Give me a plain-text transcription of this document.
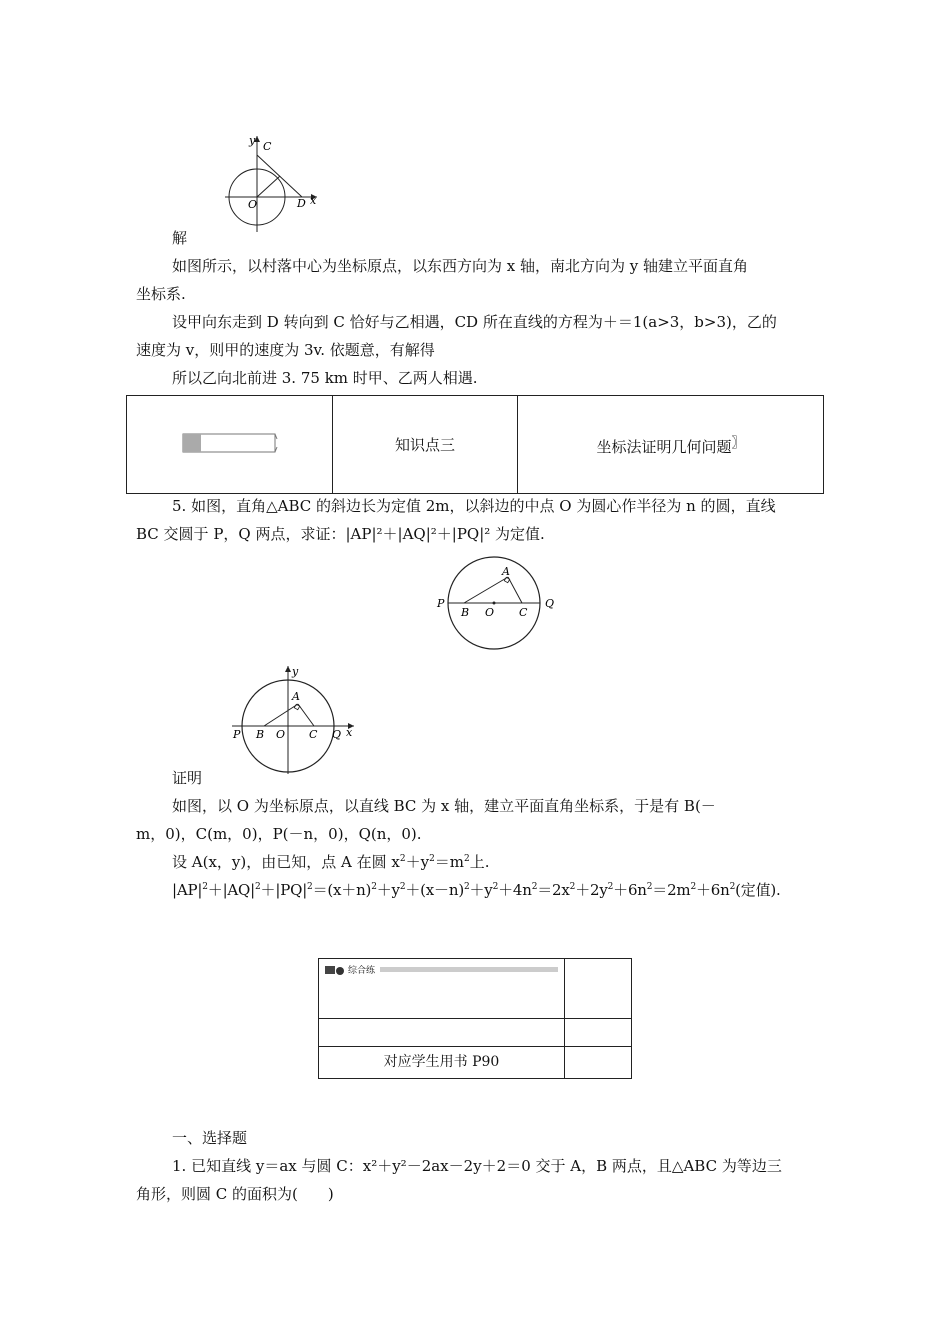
y C
O	D x
解
如图所示，以村落中心为坐标原点，以东西方向为 x 轴，南北方向为 y 轴建立平面直角
坐标系.
设甲向东走到 D 转向到 C 恰好与乙相遇，CD 所在直线的方程为＋＝1(a>3，b>3)，乙的
速度为 v，则甲的速度为 3v. 依题意，有解得
所以乙向北前进 3. 75 km 时甲、乙两人相遇.
	知识点三	坐标法证明几何问题〗
5. 如图，直角△ABC 的斜边长为定值 2m，以斜边的中点 O 为圆心作半径为 n 的圆，直线
BC 交圆于 P，Q 两点，求证：|AP|²＋|AQ|²＋|PQ|² 为定值.
A
P
B O C
Q
y
A
P B O C Q x
证明
如图，以 O 为坐标原点，以直线 BC 为 x 轴，建立平面直角坐标系，于是有 B(－
m，0)，C(m，0)，P(－n，0)，Q(n，0).
设 A(x，y)，由已知，点 A 在圆 $x^2+y^2=m^2$上.
$|AP|^2+|AQ|^2+|PQ|^2=(x+n)^2+y^2+(x-n)^2+y^2+4n^2=2x^2+2y^2+6n^2=2m^2+6n^2$(定值).
综合练	

对应学生用书 P90	
一、选择题
1. 已知直线 y＝ax 与圆 C：x²＋y²－2ax－2y＋2＝0 交于 A，B 两点，且△ABC 为等边三
角形，则圆 C 的面积为(　　)
